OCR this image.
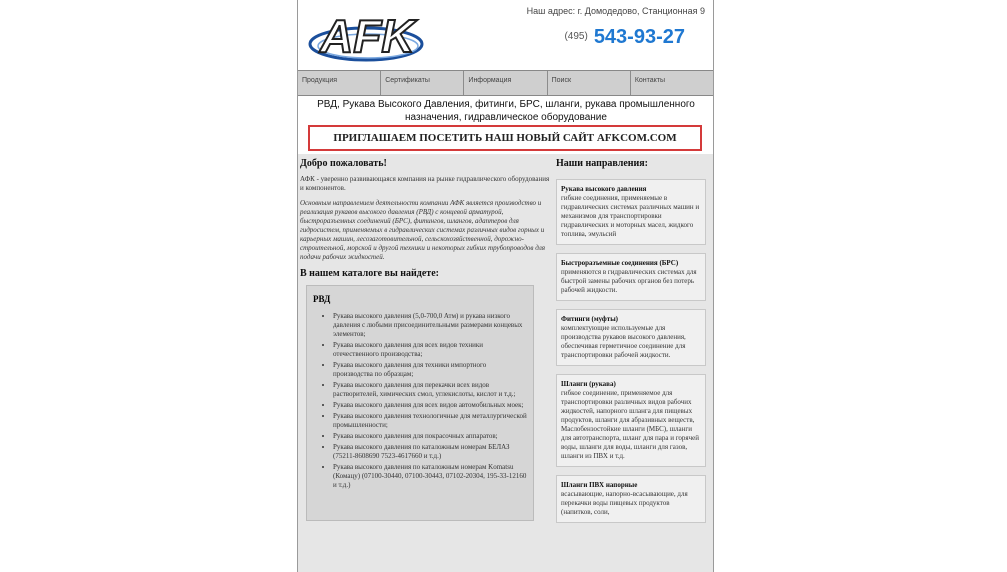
AFK	Наш адрес: г. Домодедово, Станционная 9
$^{(495)}$ 543-93-27
Продукция	Сертификаты	Информация	Поиск	Контакты
РВД, Рукава Высокого Давления, фитинги, БРС, шланги, рукава промышленного назначения, гидравлическое оборудование
ПРИГЛАШАЕМ ПОСЕТИТЬ НАШ НОВЫЙ САЙТ AFKCOM.COM
Добро пожаловать!

АФК - уверенно развивающаяся компания на рынке гидравлического оборудования и компонентов.

Основным направлением деятельности компании АФК является производство и реализация рукавов высокого давления (РВД) с концевой арматурой, быстроразъемных соединений (БРС), фитингов, шлангов, адаптеров для гидросистем, применяемых в гидравлических системах различных видов горных и карьерных машин, лесозаготовительной, сельскохозяйственной, дорожно-строительной, морской и другой техники и некоторых гибких трубопроводов для подачи рабочих жидкостей.

В нашем каталоге вы найдете:
РВД
• Рукава высокого давления (5,0-700,0 Атм) и рукава низкого давления с любыми присоединительными размерами концевых элементов;
• Рукава высокого давления для всех видов техники отечественного производства;
• Рукава высокого давления для техники импортного производства по образцам;
• Рукава высокого давления для перекачки всех видов растворителей, химических смол, углекислоты, кислот и т.д.;
• Рукава высокого давления для всех видов автомобильных моек;
• Рукава высокого давления технологичные для металлургической промышленности;
• Рукава высокого давления для покрасочных аппаратов;
• Рукава высокого давления по каталожным номерам БЕЛАЗ (75211-8608690 7523-4617660 и т.д.)
• Рукава высокого давления по каталожным номерам Komatsu (Комацу) (07100-30440, 07100-30443, 07102-20304, 195-33-12160 и т.д.)
Наши направления:
Рукава высокого давления
гибкие соединения, применяемые в гидравлических системах различных машин и механизмов для транспортировки гидравлических и моторных масел, жидкого топлива, эмульсий
Быстроразъемные соединения (БРС)
применяются в гидравлических системах для быстрой замены рабочих органов без потерь рабочей жидкости.
Фитинги (муфты)
комплектующие используемые для производства рукавов высокого давления, обеспечивая герметичное соединение для транспортировки рабочей жидкости.
Шланги (рукава)
гибкое соединение, применяемое для транспортировки различных видов рабочих жидкостей, напорного шланга для пищевых продуктов, шланги для абразивных веществ, Маслобензостойкие шланги (МБС), шланги для автотранспорта, шланг для пара и горячей воды, шланги для воды, шланги для газов, шланги из ПВХ и т.д.
Шланги ПВХ напорные
всасывающие, напорно-всасывающие, для перекачки воды пищевых продуктов (напитков, соли,
